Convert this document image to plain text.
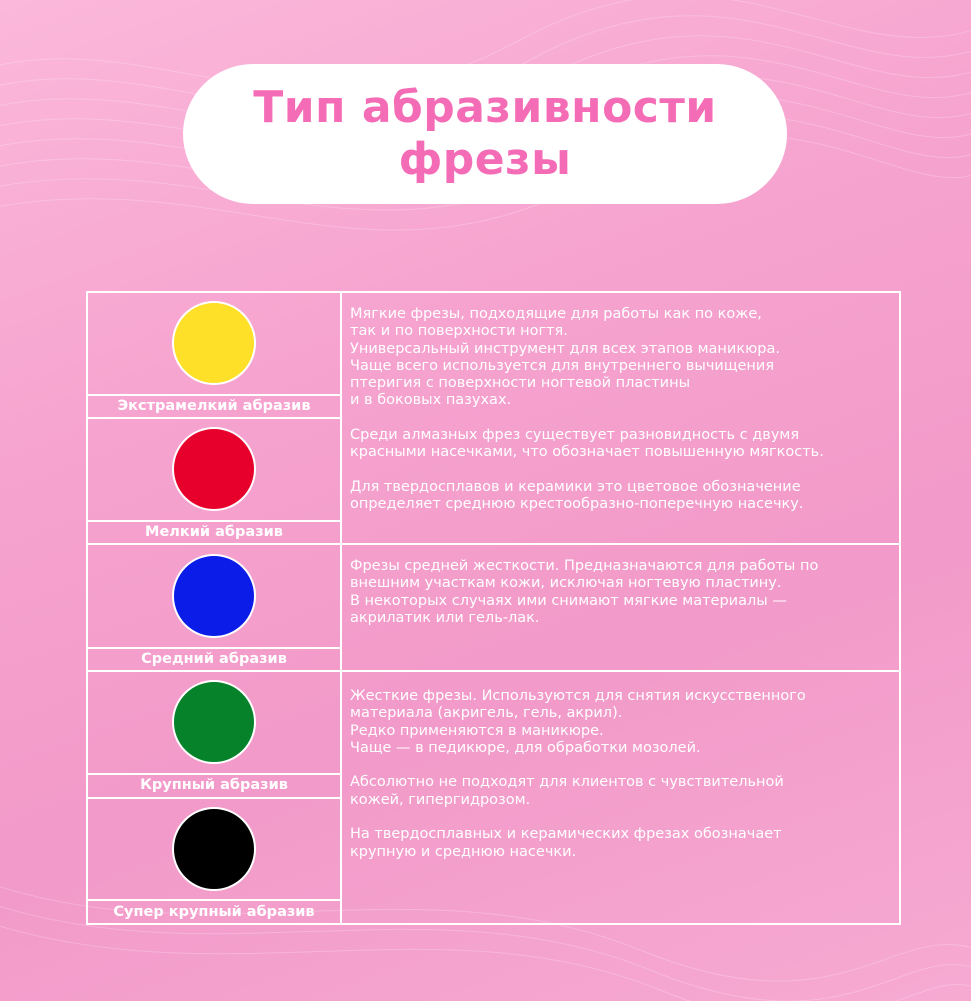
Тип абразивности фрезы
Экстрамелкий абразив
Мелкий абразив
Средний абразив
Крупный абразив
Супер крупный абразив

Мягкие фрезы, подходящие для работы как по коже,
так и по поверхности ногтя.
Универсальный инструмент для всех этапов маникюра.
Чаще всего используется для внутреннего вычищения
птеригия с поверхности ногтевой пластины
и в боковых пазухах.

Среди алмазных фрез существует разновидность с двумя
красными насечками, что обозначает повышенную мягкость.

Для твердосплавов и керамики это цветовое обозначение
определяет среднюю крестообразно-поперечную насечку.

Фрезы средней жесткости. Предназначаются для работы по
внешним участкам кожи, исключая ногтевую пластину.
В некоторых случаях ими снимают мягкие материалы —
акрилатик или гель-лак.

Жесткие фрезы. Используются для снятия искусственного
материала (акригель, гель, акрил).
Редко применяются в маникюре.
Чаще — в педикюре, для обработки мозолей.

Абсолютно не подходят для клиентов с чувствительной
кожей, гипергидрозом.

На твердосплавных и керамических фрезах обозначает
крупную и среднюю насечки.
